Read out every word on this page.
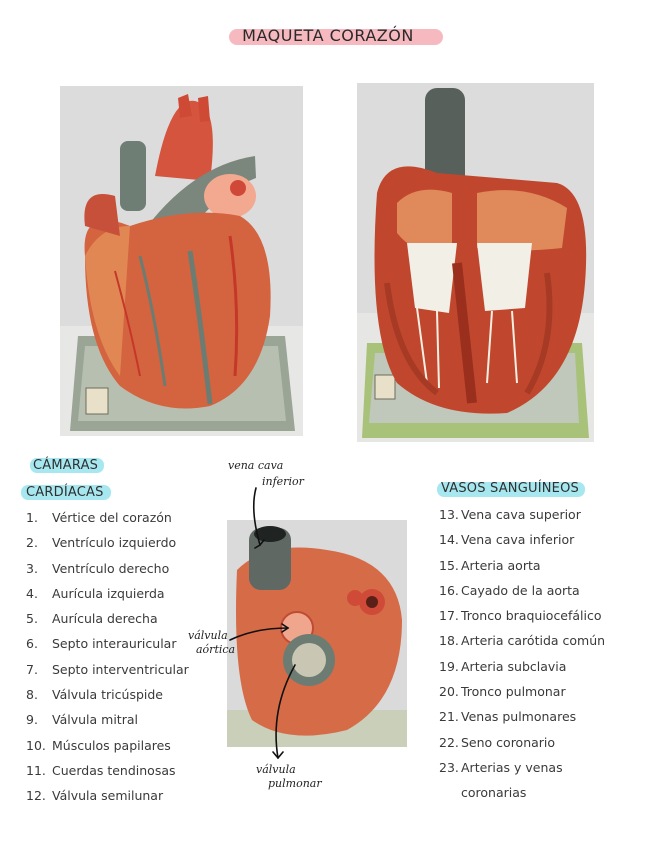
MAQUETA CORAZÓN
CÁMARAS
CARDÍACAS
1.	Vértice del corazón
2.	Ventrículo izquierdo
3.	Ventrículo derecho
4.	Aurícula izquierda
5.	Aurícula derecha
6.	Septo interauricular
7.	Septo interventricular
8.	Válvula tricúspide
9.	Válvula mitral
10. Músculos papilares
11. Cuerdas tendinosas
12. Válvula semilunar
VASOS SANGUÍNEOS
13. Vena cava superior
14. Vena cava inferior
15. Arteria aorta
16. Cayado de la aorta
17. Tronco braquiocefálico
18. Arteria carótida común
19. Arteria subclavia
20. Tronco pulmonar
21. Venas pulmonares
22. Seno coronario
23. Arterias y venas
coronarias
vena cava
inferior
válvula
aórtica
válvula
pulmonar
